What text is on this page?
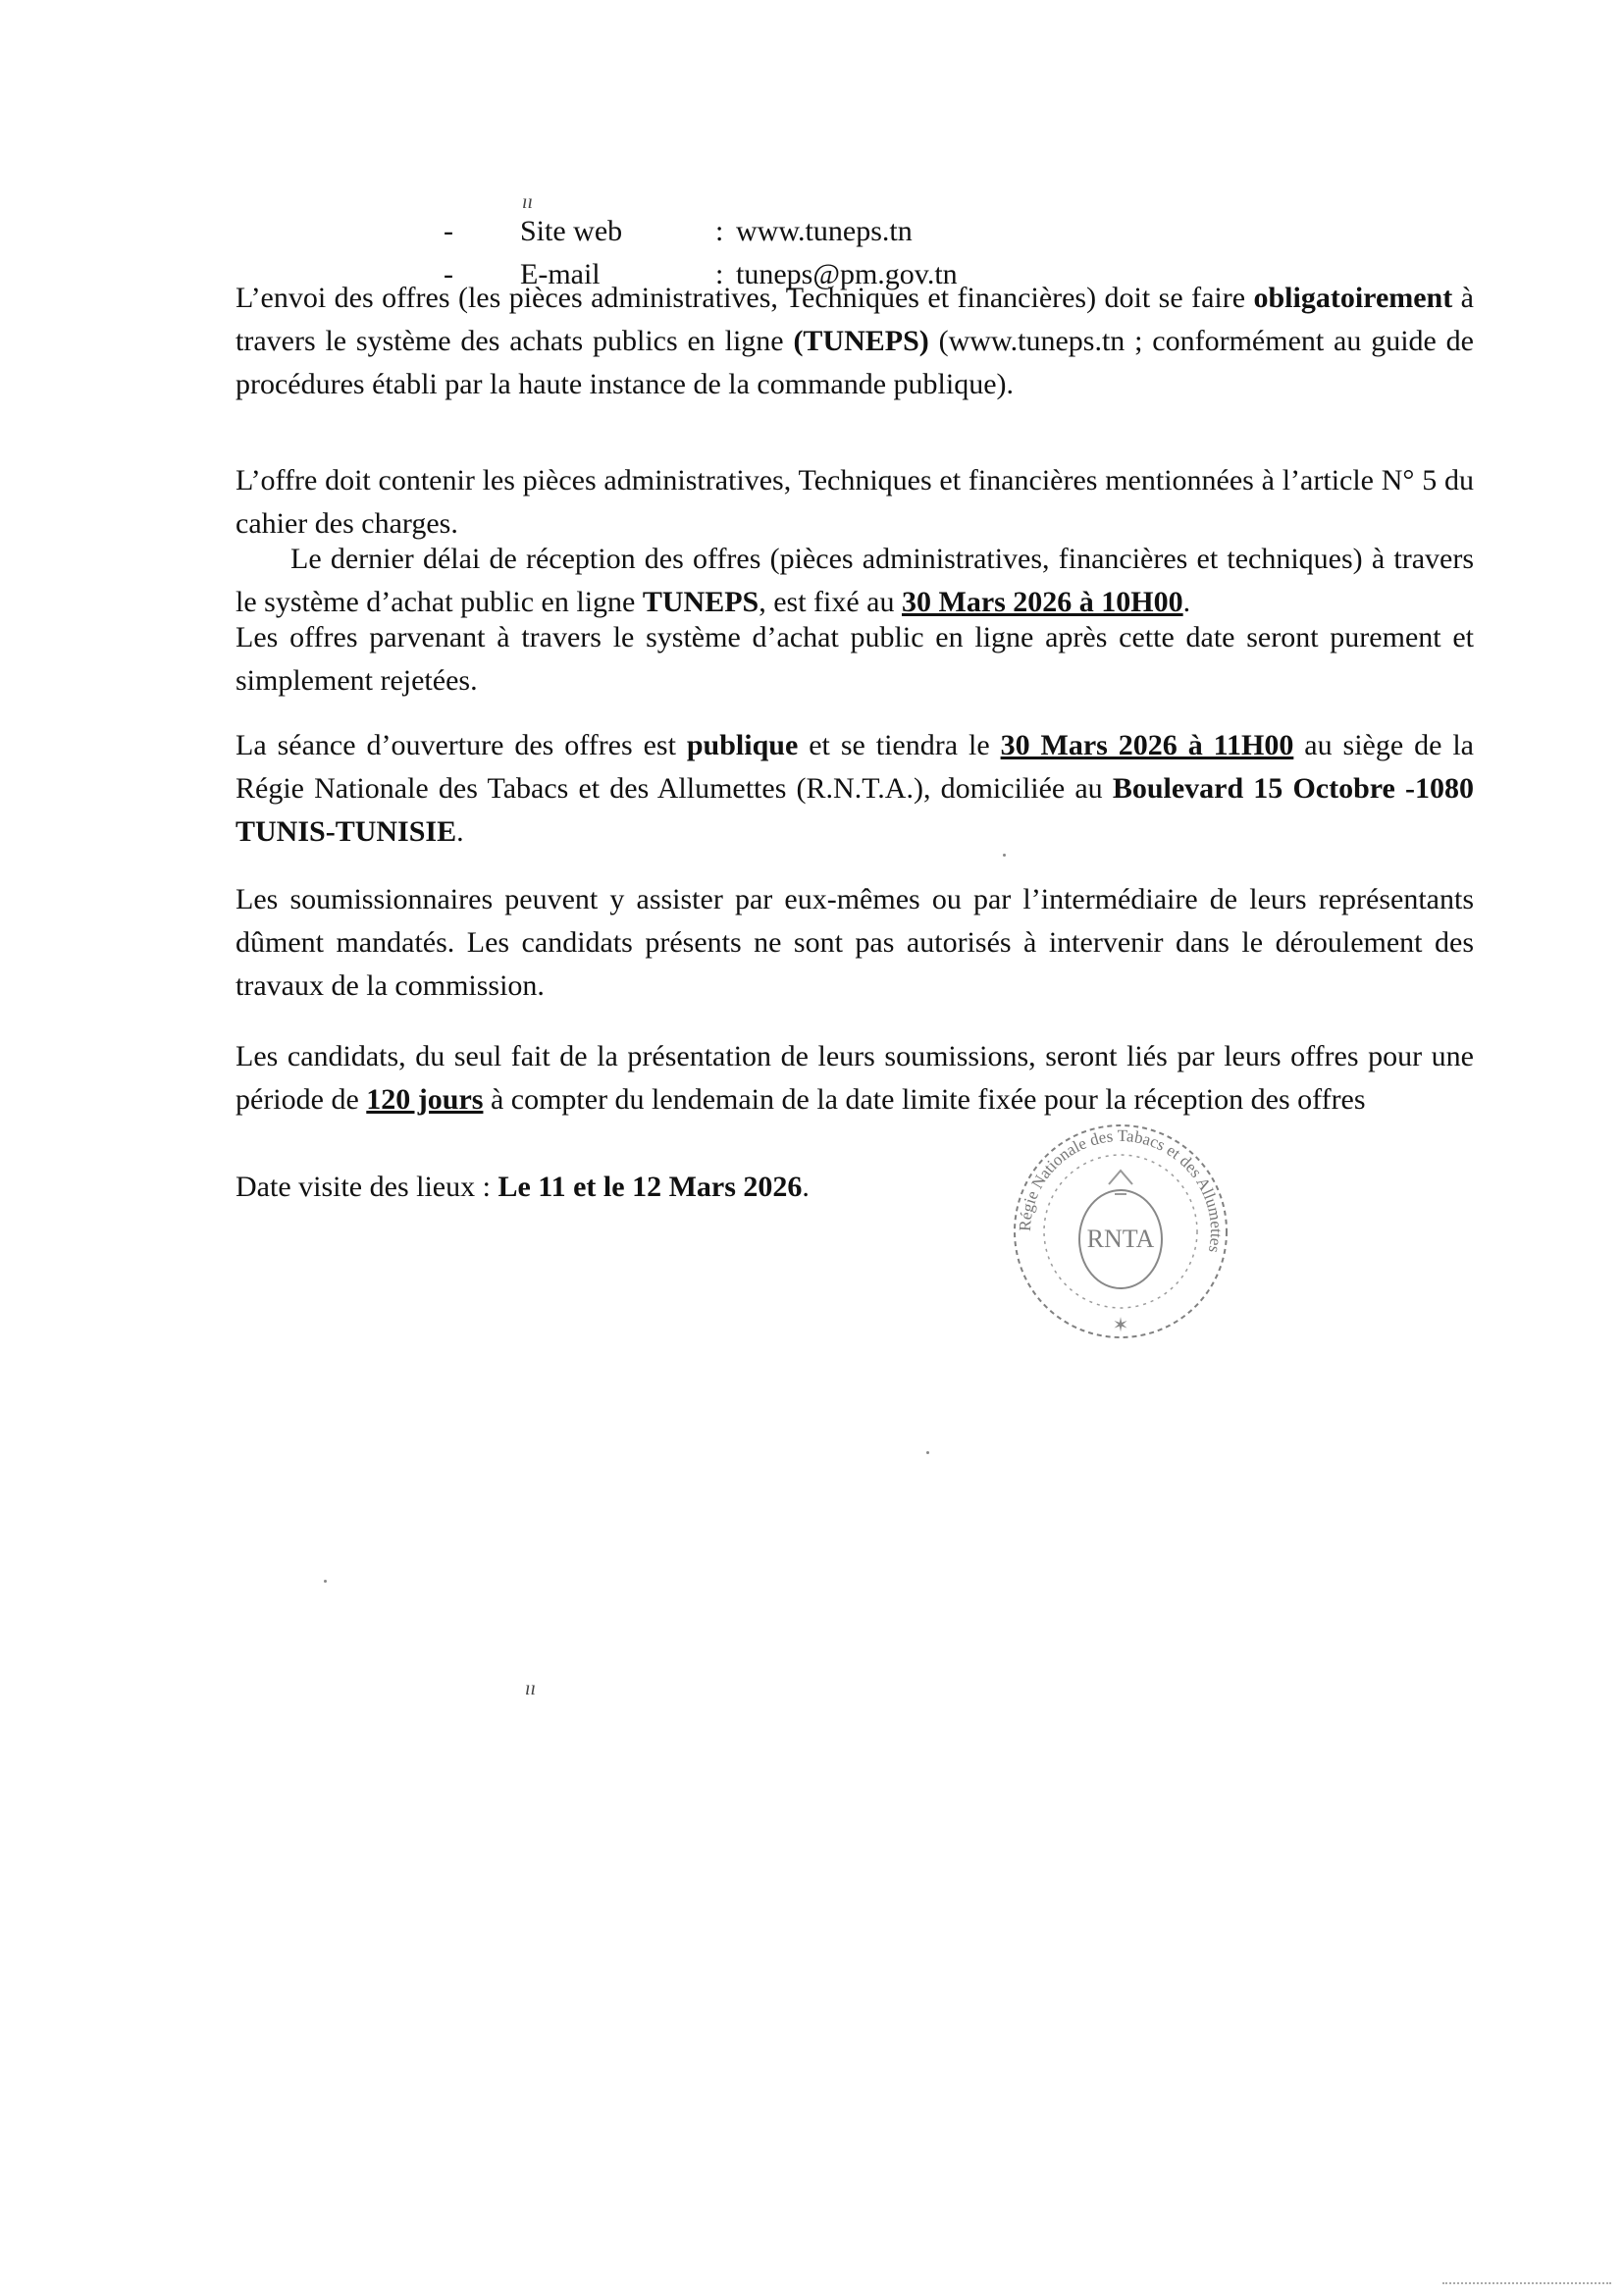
ıı
- Site web	: www.tuneps.tn
- E-mail	: tuneps@pm.gov.tn

L’envoi des offres (les pièces administratives, Techniques et financières) doit se faire obligatoirement à travers le système des achats publics en ligne (TUNEPS) (www.tuneps.tn ; conformément au guide de procédures établi par la haute instance de la commande publique).

L’offre doit contenir les pièces administratives, Techniques et financières mentionnées à l’article N° 5 du cahier des charges.

Le dernier délai de réception des offres (pièces administratives, financières et techniques) à travers le système d’achat public en ligne TUNEPS, est fixé au 30 Mars 2026 à 10H00.

Les offres parvenant à travers le système d’achat public en ligne après cette date seront purement et simplement rejetées.

La séance d’ouverture des offres est publique et se tiendra le 30 Mars 2026 à 11H00 au siège de la Régie Nationale des Tabacs et des Allumettes (R.N.T.A.), domiciliée au Boulevard 15 Octobre -1080 TUNIS-TUNISIE.

Les soumissionnaires peuvent y assister par eux-mêmes ou par l’intermédiaire de leurs représentants dûment mandatés. Les candidats présents ne sont pas autorisés à intervenir dans le déroulement des travaux de la commission.

Les candidats, du seul fait de la présentation de leurs soumissions, seront liés par leurs offres pour une période de 120 jours à compter du lendemain de la date limite fixée pour la réception des offres

Date visite des lieux : Le 11 et le 12 Mars 2026.

Régie Nationale des Tabacs et des Allumettes
RNTA
✶
ıı
